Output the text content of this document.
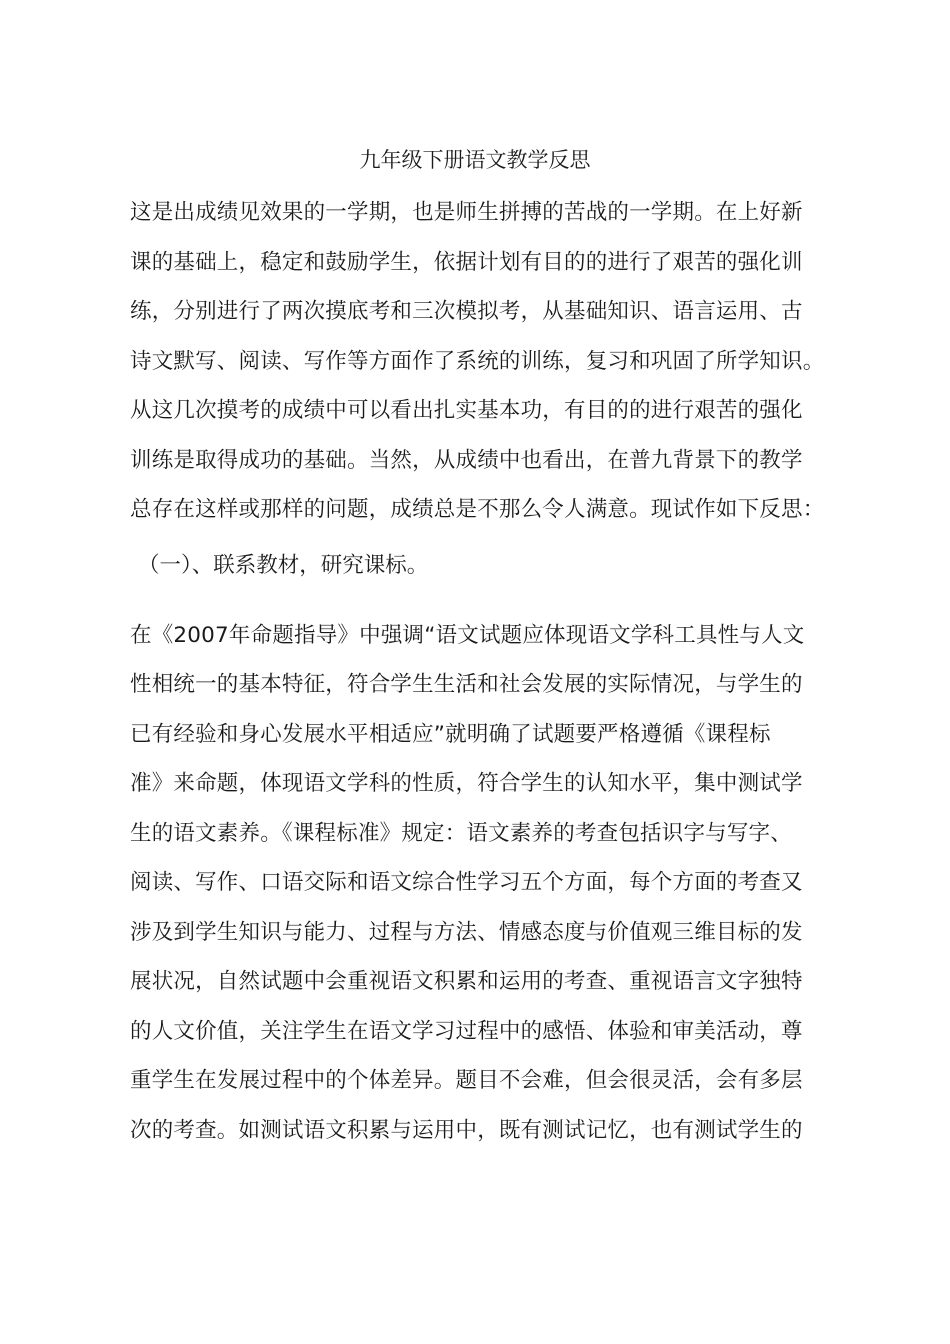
九年级下册语文教学反思
这是出成绩见效果的一学期，也是师生拼搏的苦战的一学期。在上好新
课的基础上，稳定和鼓励学生，依据计划有目的的进行了艰苦的强化训
练，分别进行了两次摸底考和三次模拟考，从基础知识、语言运用、古
诗文默写、阅读、写作等方面作了系统的训练，复习和巩固了所学知识。
从这几次摸考的成绩中可以看出扎实基本功，有目的的进行艰苦的强化
训练是取得成功的基础。当然，从成绩中也看出，在普九背景下的教学
总存在这样或那样的问题，成绩总是不那么令人满意。现试作如下反思：
（一）、联系教材，研究课标。
在《2007年命题指导》中强调“语文试题应体现语文学科工具性与人文
性相统一的基本特征，符合学生生活和社会发展的实际情况，与学生的
已有经验和身心发展水平相适应”就明确了试题要严格遵循《课程标
准》来命题，体现语文学科的性质，符合学生的认知水平，集中测试学
生的语文素养。《课程标准》规定：语文素养的考查包括识字与写字、
阅读、写作、口语交际和语文综合性学习五个方面，每个方面的考查又
涉及到学生知识与能力、过程与方法、情感态度与价值观三维目标的发
展状况，自然试题中会重视语文积累和运用的考查、重视语言文字独特
的人文价值，关注学生在语文学习过程中的感悟、体验和审美活动，尊
重学生在发展过程中的个体差异。题目不会难，但会很灵活，会有多层
次的考查。如测试语文积累与运用中，既有测试记忆，也有测试学生的
